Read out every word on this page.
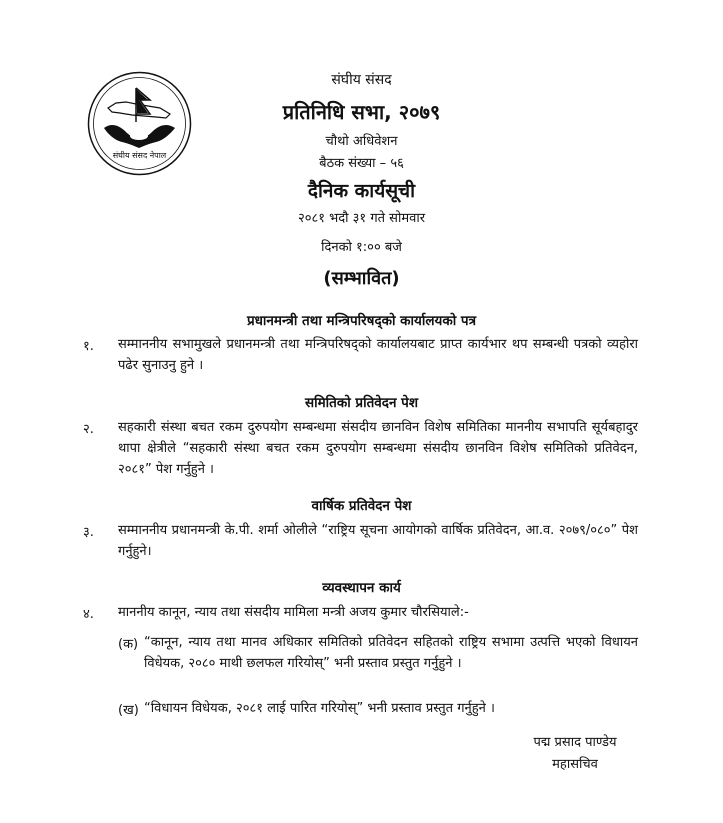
संघीय संसद नेपाल
संघीय संसद
प्रतिनिधि सभा, २०७९
चौथो अधिवेशन
बैठक संख्या – ५६
दैनिक कार्यसूची
२०८१ भदौ ३१ गते सोमवार
दिनको १:०० बजे
(सम्भावित)
प्रधानमन्त्री तथा मन्त्रिपरिषद्को कार्यालयको पत्र
१. सम्माननीय सभामुखले प्रधानमन्त्री तथा मन्त्रिपरिषद्को कार्यालयबाट प्राप्त कार्यभार थप सम्बन्धी पत्रको व्यहोरा पढेर सुनाउनु हुने ।
समितिको प्रतिवेदन पेश
२. सहकारी संस्था बचत रकम दुरुपयोग सम्बन्धमा संसदीय छानविन विशेष समितिका माननीय सभापति सूर्यबहादुर थापा क्षेत्रीले “सहकारी संस्था बचत रकम दुरुपयोग सम्बन्धमा संसदीय छानविन विशेष समितिको प्रतिवेदन, २०८१” पेश गर्नुहुने ।
वार्षिक प्रतिवेदन पेश
३. सम्माननीय प्रधानमन्त्री के.पी. शर्मा ओलीले “राष्ट्रिय सूचना आयोगको वार्षिक प्रतिवेदन, आ.व. २०७९/०८०” पेश गर्नुहुने।
व्यवस्थापन कार्य
४. माननीय कानून, न्याय तथा संसदीय मामिला मन्त्री अजय कुमार चौरसियाले:-
(क) “कानून, न्याय तथा मानव अधिकार समितिको प्रतिवेदन सहितको राष्ट्रिय सभामा उत्पत्ति भएको विधायन विधेयक, २०८० माथी छलफल गरियोस्” भनी प्रस्ताव प्रस्तुत गर्नुहुने ।
(ख) “विधायन विधेयक, २०८१ लाई पारित गरियोस्” भनी प्रस्ताव प्रस्तुत गर्नुहुने ।
पद्म प्रसाद पाण्डेय
महासचिव
